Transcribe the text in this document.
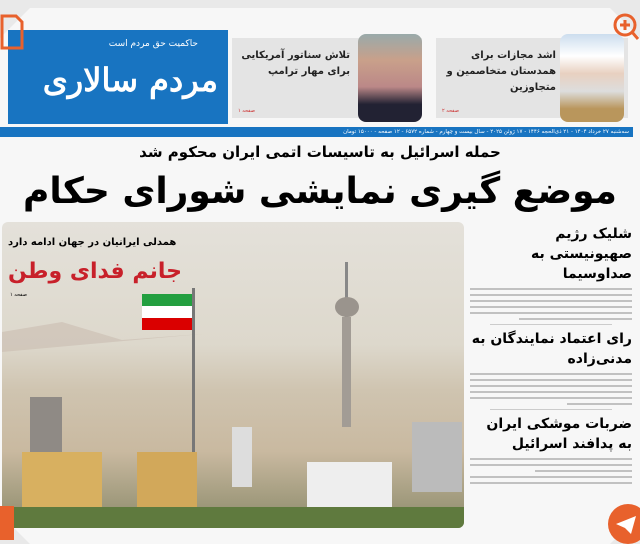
حاکمیت حق مردم است
مردم سالاری
تلاش سناتور آمریکایی برای مهار ترامپ
صفحه ۱
اشد مجازات برای همدستان متخاصمین و متجاوزین
صفحه ۲
سه‌شنبه ۲۷ خرداد ۱۴۰۴ - ۲۱ ذی‌الحجه ۱۴۴۶ - ۱۷ ژوئن ۲۰۲۵ - سال بیست و چهارم - شماره ۶۵۷۲ - ۱۲ صفحه - ۱۵۰۰۰ تومان
حمله اسرائیل به تاسیسات اتمی ایران محکوم شد
موضع گیری نمایشی شورای حکام
همدلی ایرانیان در جهان ادامه دارد
جانم فدای وطن
صفحه ۱
شلیک رژیم صهیونیستی به صداوسیما
رای اعتماد نمایندگان به مدنی‌زاده
ضربات موشکی ایران به پدافند اسرائیل
